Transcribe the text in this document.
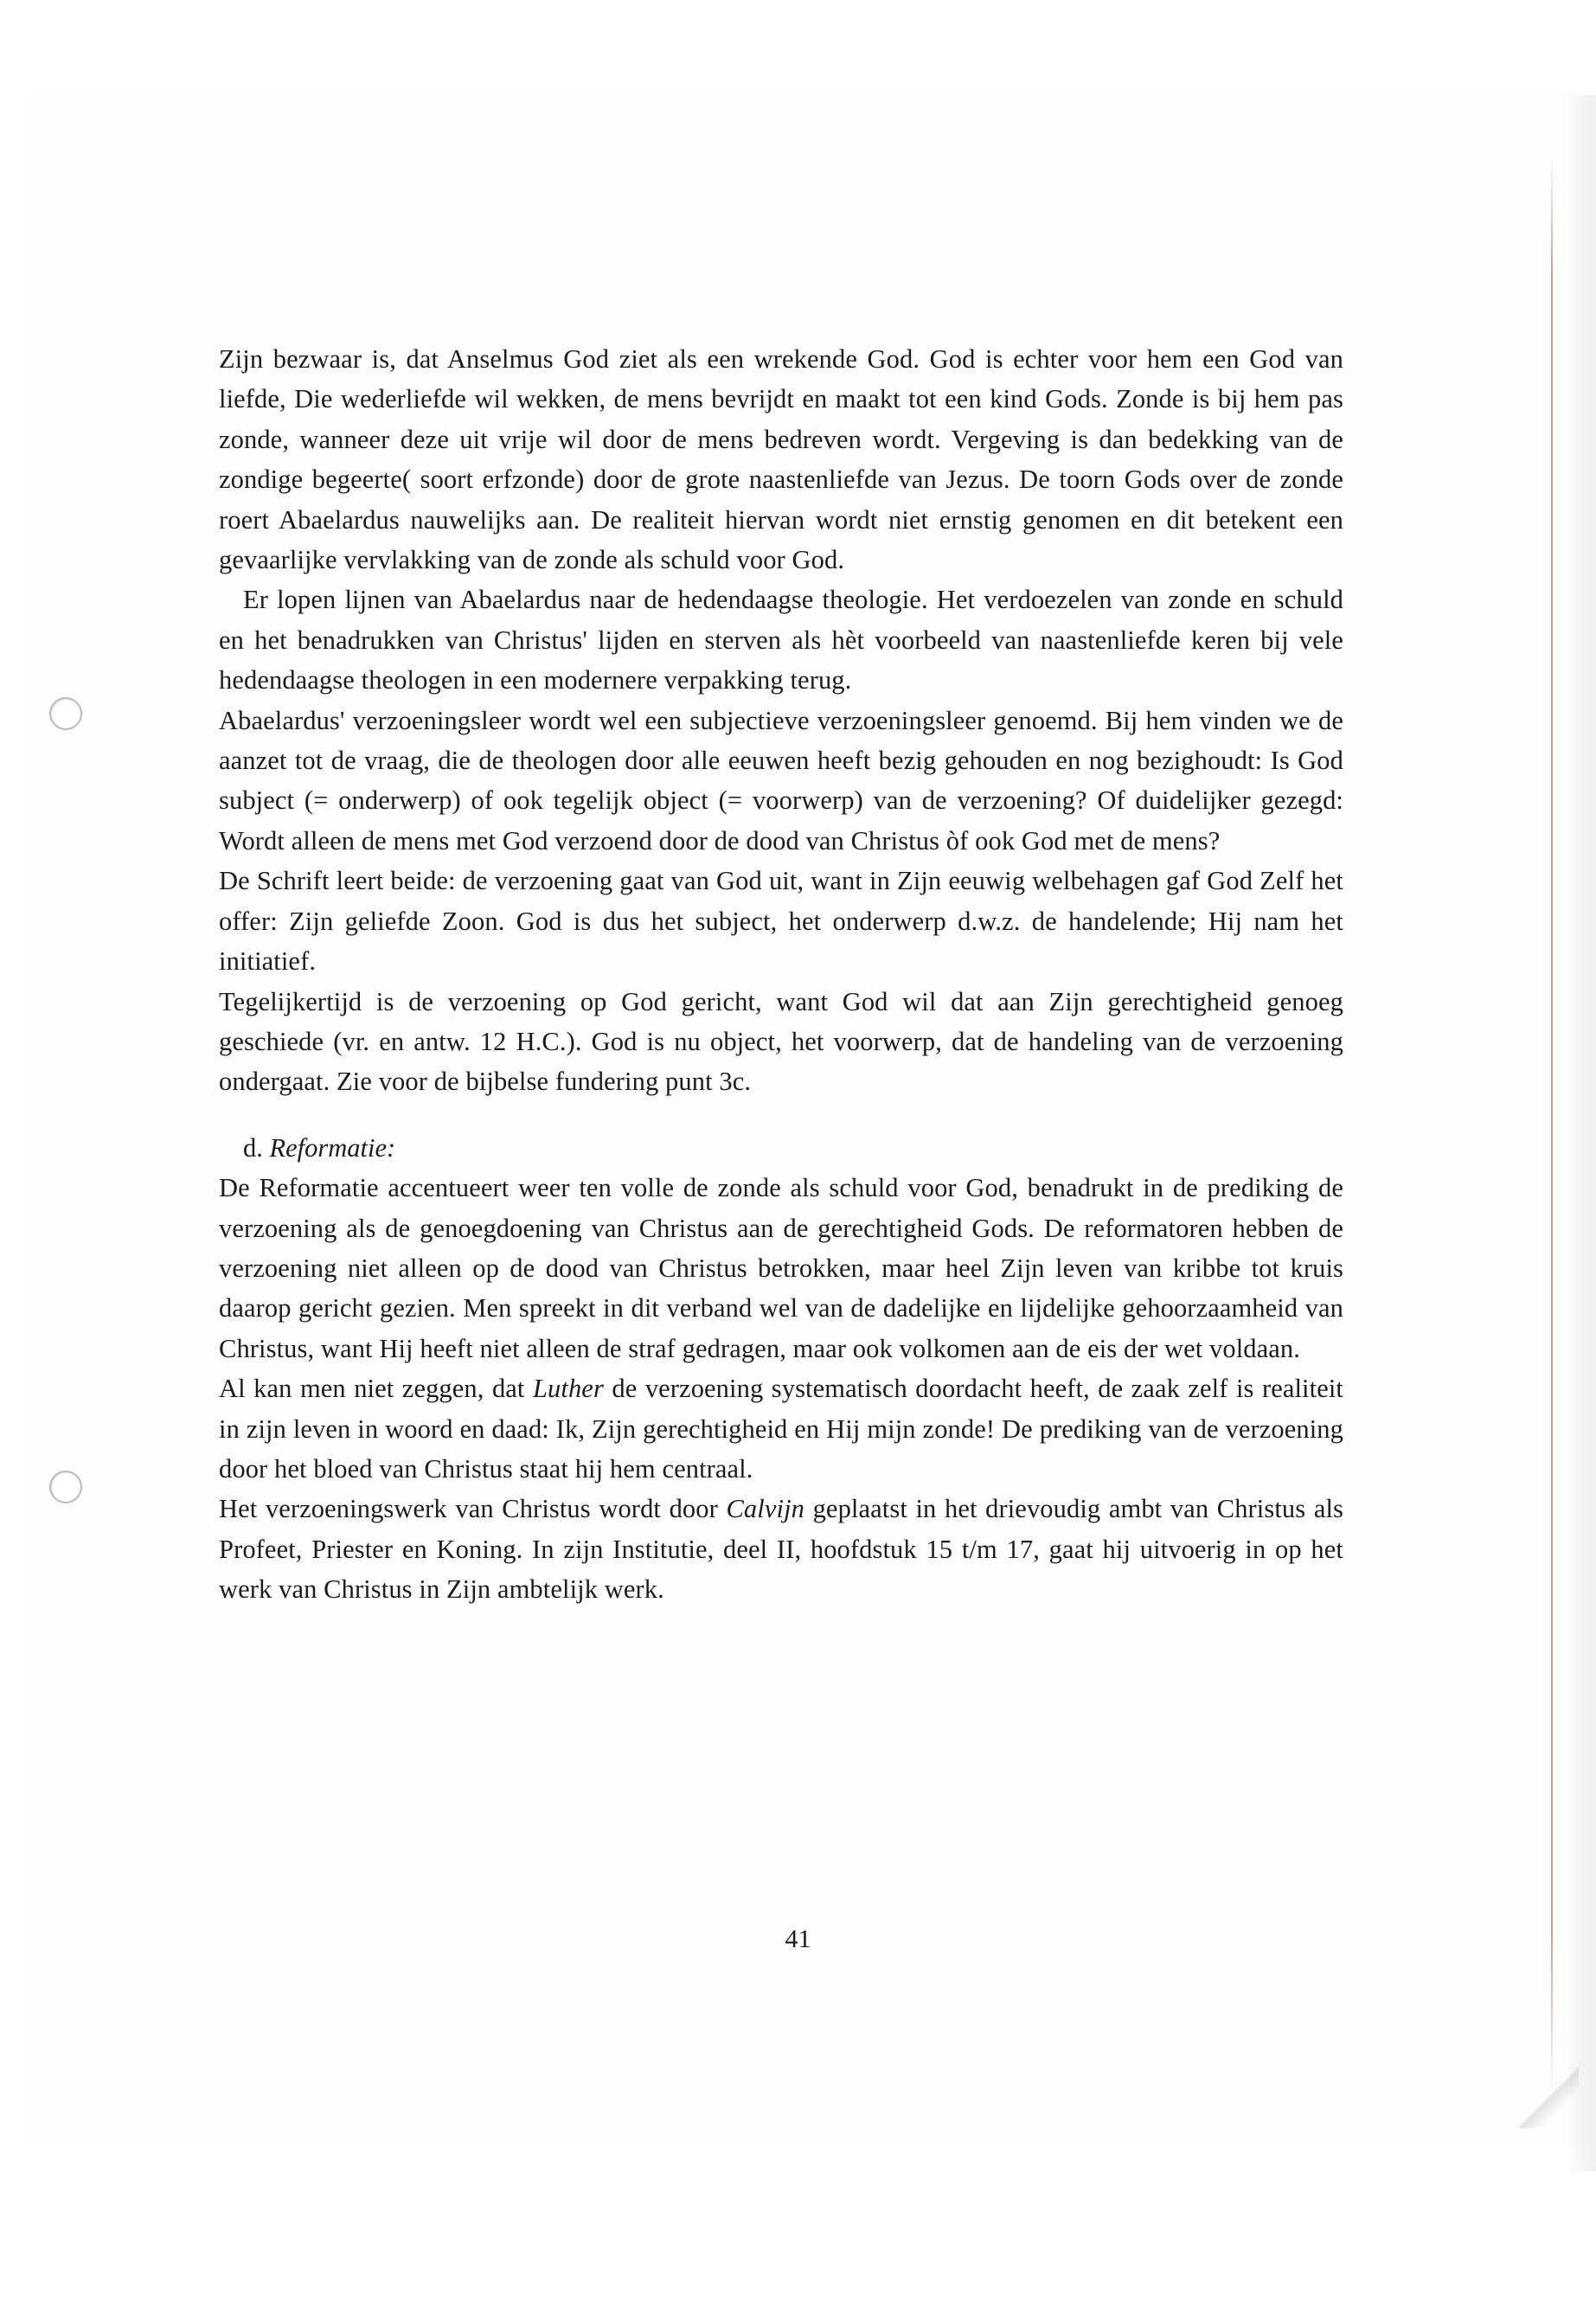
Zijn bezwaar is, dat Anselmus God ziet als een wrekende God. God is echter voor hem een God van liefde, Die wederliefde wil wekken, de mens bevrijdt en maakt tot een kind Gods. Zonde is bij hem pas zonde, wanneer deze uit vrije wil door de mens bedreven wordt. Vergeving is dan bedekking van de zondige begeerte( soort erfzonde) door de grote naastenliefde van Jezus. De toorn Gods over de zonde roert Abaelardus nauwelijks aan. De realiteit hiervan wordt niet ernstig genomen en dit betekent een gevaarlijke vervlakking van de zonde als schuld voor God.

Er lopen lijnen van Abaelardus naar de hedendaagse theologie. Het verdoezelen van zonde en schuld en het benadrukken van Christus' lijden en sterven als hèt voorbeeld van naastenliefde keren bij vele hedendaagse theologen in een modernere verpakking terug.

Abaelardus' verzoeningsleer wordt wel een subjectieve verzoeningsleer genoemd. Bij hem vinden we de aanzet tot de vraag, die de theologen door alle eeuwen heeft bezig gehouden en nog bezighoudt: Is God subject (= onderwerp) of ook tegelijk object (= voorwerp) van de verzoening? Of duidelijker gezegd: Wordt alleen de mens met God verzoend door de dood van Christus òf ook God met de mens?

De Schrift leert beide: de verzoening gaat van God uit, want in Zijn eeuwig welbehagen gaf God Zelf het offer: Zijn geliefde Zoon. God is dus het subject, het onderwerp d.w.z. de handelende; Hij nam het initiatief.

Tegelijkertijd is de verzoening op God gericht, want God wil dat aan Zijn gerechtigheid genoeg geschiede (vr. en antw. 12 H.C.). God is nu object, het voorwerp, dat de handeling van de verzoening ondergaat. Zie voor de bijbelse fundering punt 3c.

d. Reformatie:

De Reformatie accentueert weer ten volle de zonde als schuld voor God, benadrukt in de prediking de verzoening als de genoegdoening van Christus aan de gerechtigheid Gods. De reformatoren hebben de verzoening niet alleen op de dood van Christus betrokken, maar heel Zijn leven van kribbe tot kruis daarop gericht gezien. Men spreekt in dit verband wel van de dadelijke en lijdelijke gehoorzaamheid van Christus, want Hij heeft niet alleen de straf gedragen, maar ook volkomen aan de eis der wet voldaan.

Al kan men niet zeggen, dat Luther de verzoening systematisch doordacht heeft, de zaak zelf is realiteit in zijn leven in woord en daad: Ik, Zijn gerechtigheid en Hij mijn zonde! De prediking van de verzoening door het bloed van Christus staat hij hem centraal.

Het verzoeningswerk van Christus wordt door Calvijn geplaatst in het drievoudig ambt van Christus als Profeet, Priester en Koning. In zijn Institutie, deel II, hoofdstuk 15 t/m 17, gaat hij uitvoerig in op het werk van Christus in Zijn ambtelijk werk.

41
